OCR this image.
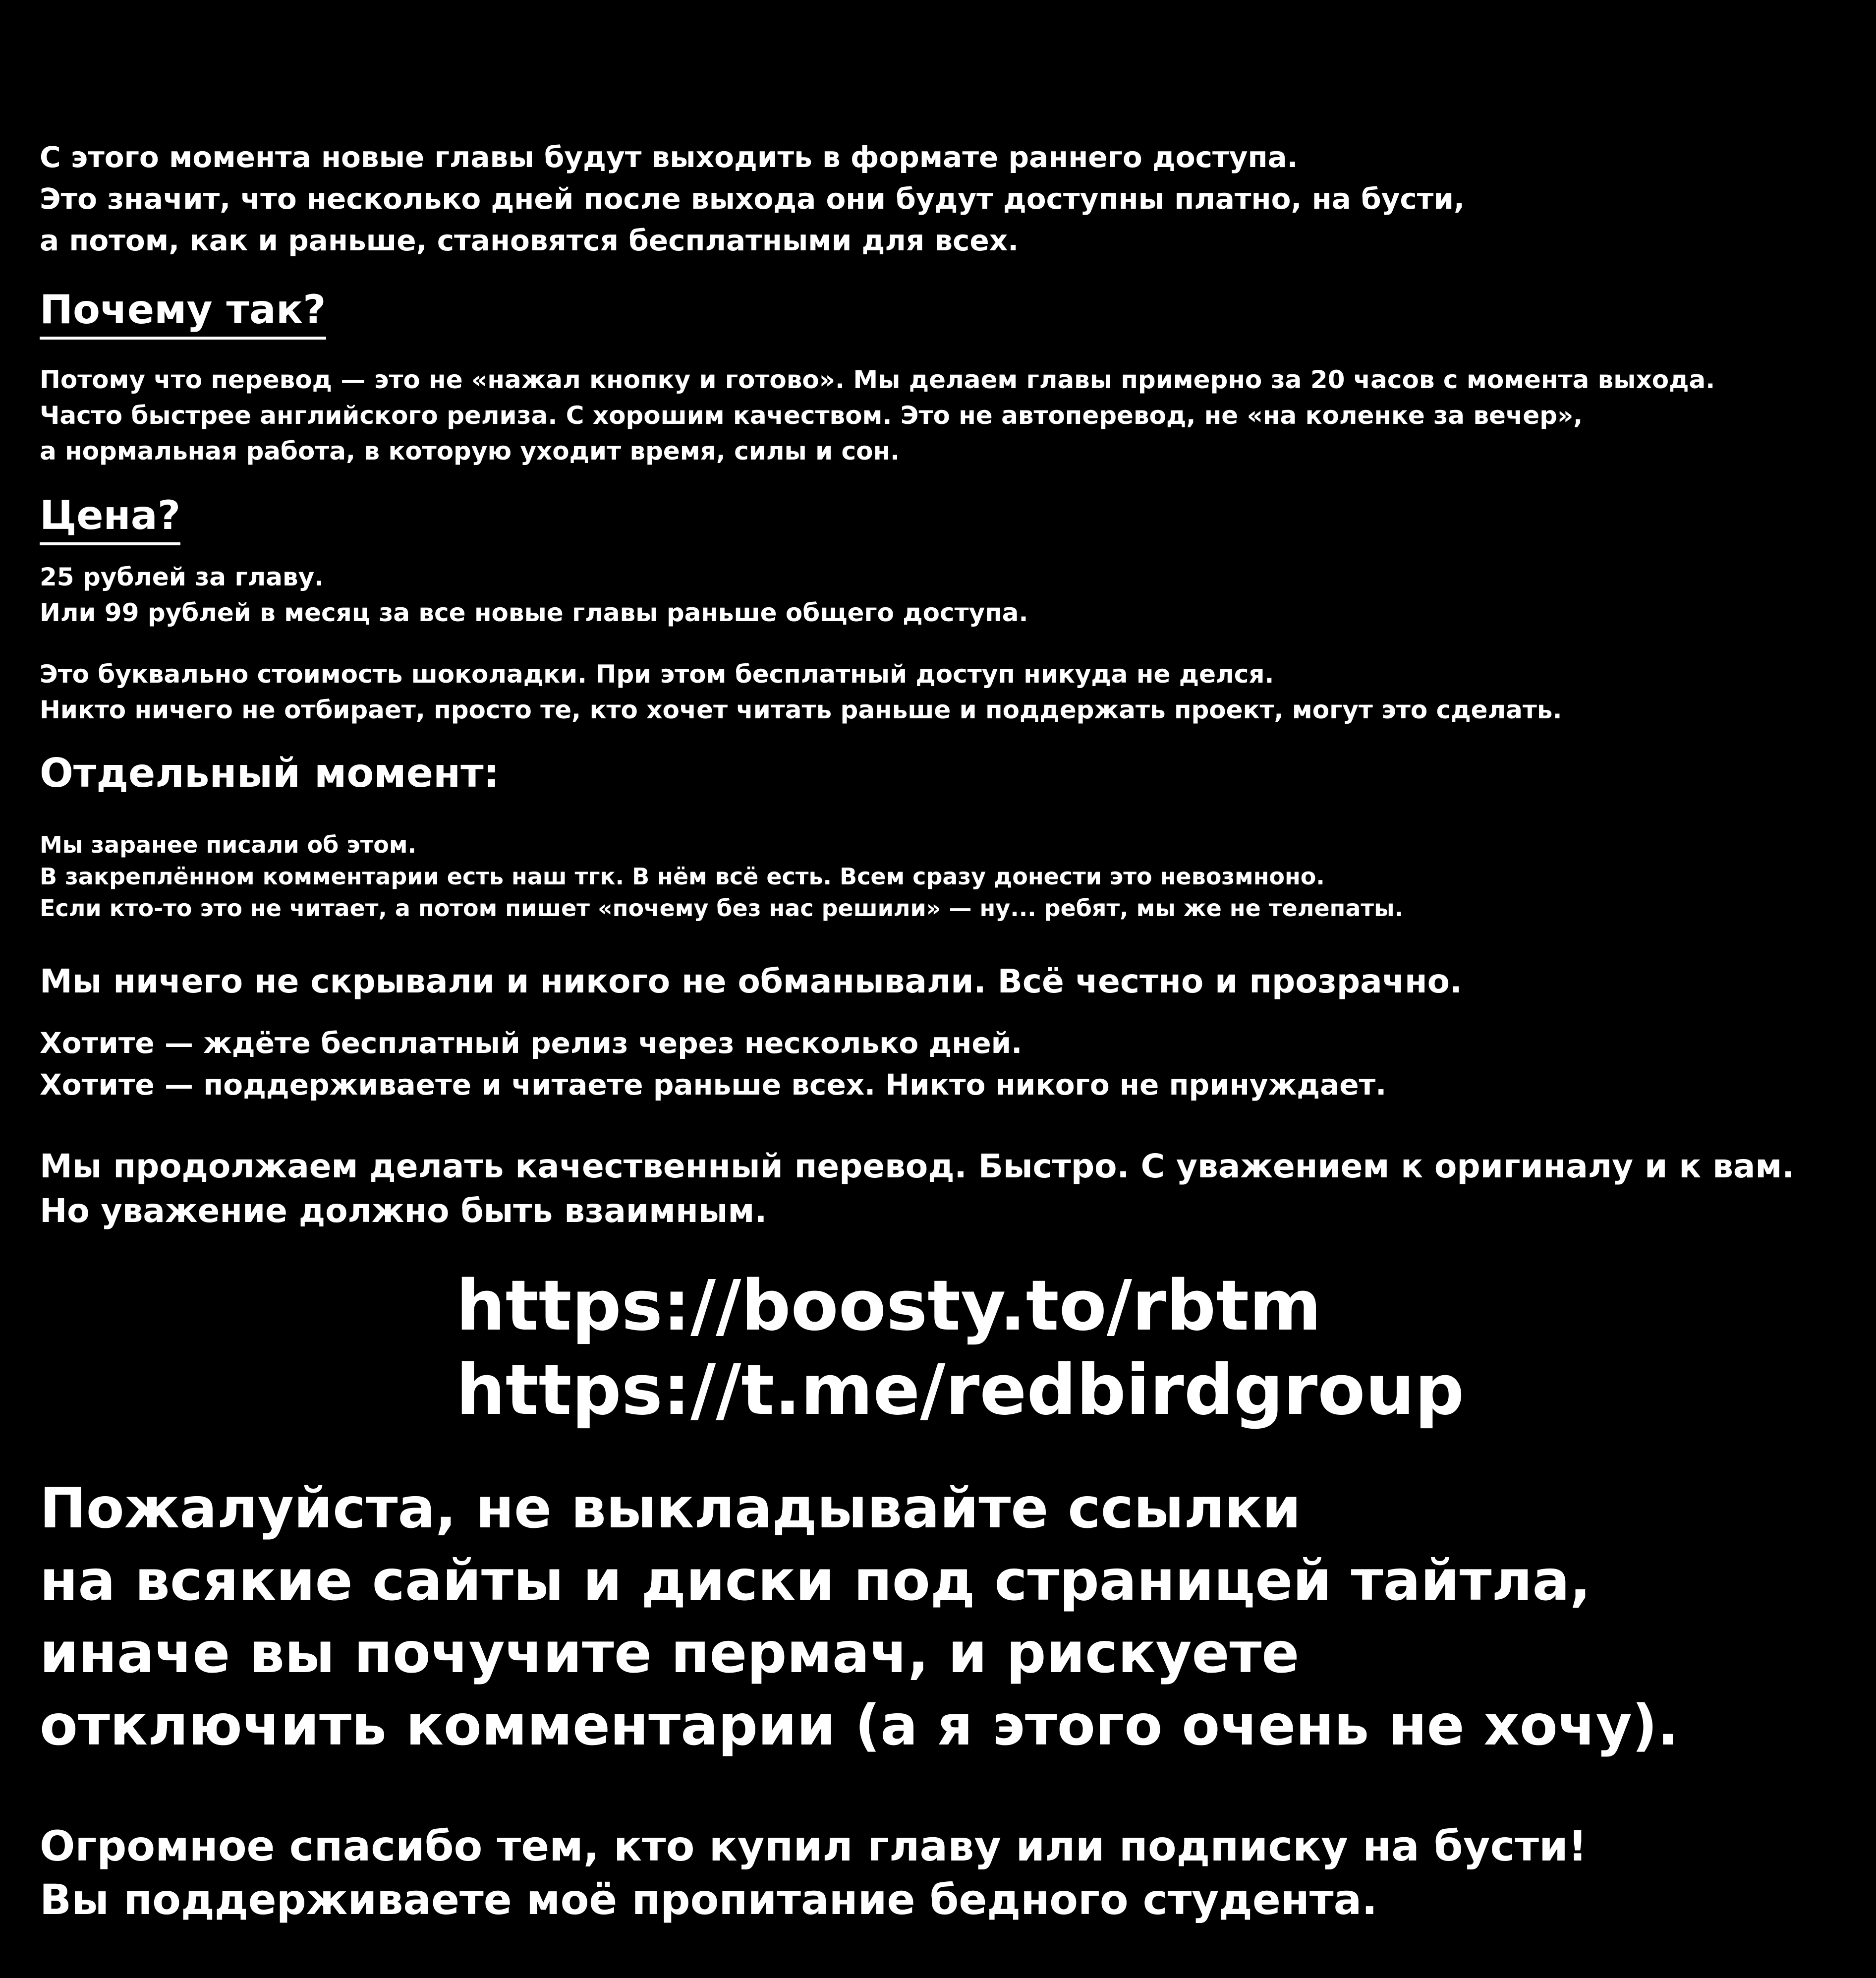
С этого момента новые главы будут выходить в формате раннего доступа.
Это значит, что несколько дней после выхода они будут доступны платно, на бусти,
а потом, как и раньше, становятся бесплатными для всех.
Почему так?
Потому что перевод — это не «нажал кнопку и готово». Мы делаем главы примерно за 20 часов с момента выхода.
Часто быстрее английского релиза. С хорошим качеством. Это не автоперевод, не «на коленке за вечер»,
а нормальная работа, в которую уходит время, силы и сон.
Цена?
25 рублей за главу.
Или 99 рублей в месяц за все новые главы раньше общего доступа.
Это буквально стоимость шоколадки. При этом бесплатный доступ никуда не делся.
Никто ничего не отбирает, просто те, кто хочет читать раньше и поддержать проект, могут это сделать.
Отдельный момент:
Мы заранее писали об этом.
В закреплённом комментарии есть наш тгк. В нём всё есть. Всем сразу донести это невозмноно.
Если кто-то это не читает, а потом пишет «почему без нас решили» — ну... ребят, мы же не телепаты.
Мы ничего не скрывали и никого не обманывали. Всё честно и прозрачно.
Хотите — ждёте бесплатный релиз через несколько дней.
Хотите — поддерживаете и читаете раньше всех. Никто никого не принуждает.
Мы продолжаем делать качественный перевод. Быстро. С уважением к оригиналу и к вам.
Но уважение должно быть взаимным.
https://boosty.to/rbtm
https://t.me/redbirdgroup
Пожалуйста, не выкладывайте ссылки
на всякие сайты и диски под страницей тайтла,
иначе вы почучите пермач, и рискуете
отключить комментарии (а я этого очень не хочу).
Огромное спасибо тем, кто купил главу или подписку на бусти!
Вы поддерживаете моё пропитание бедного студента.
